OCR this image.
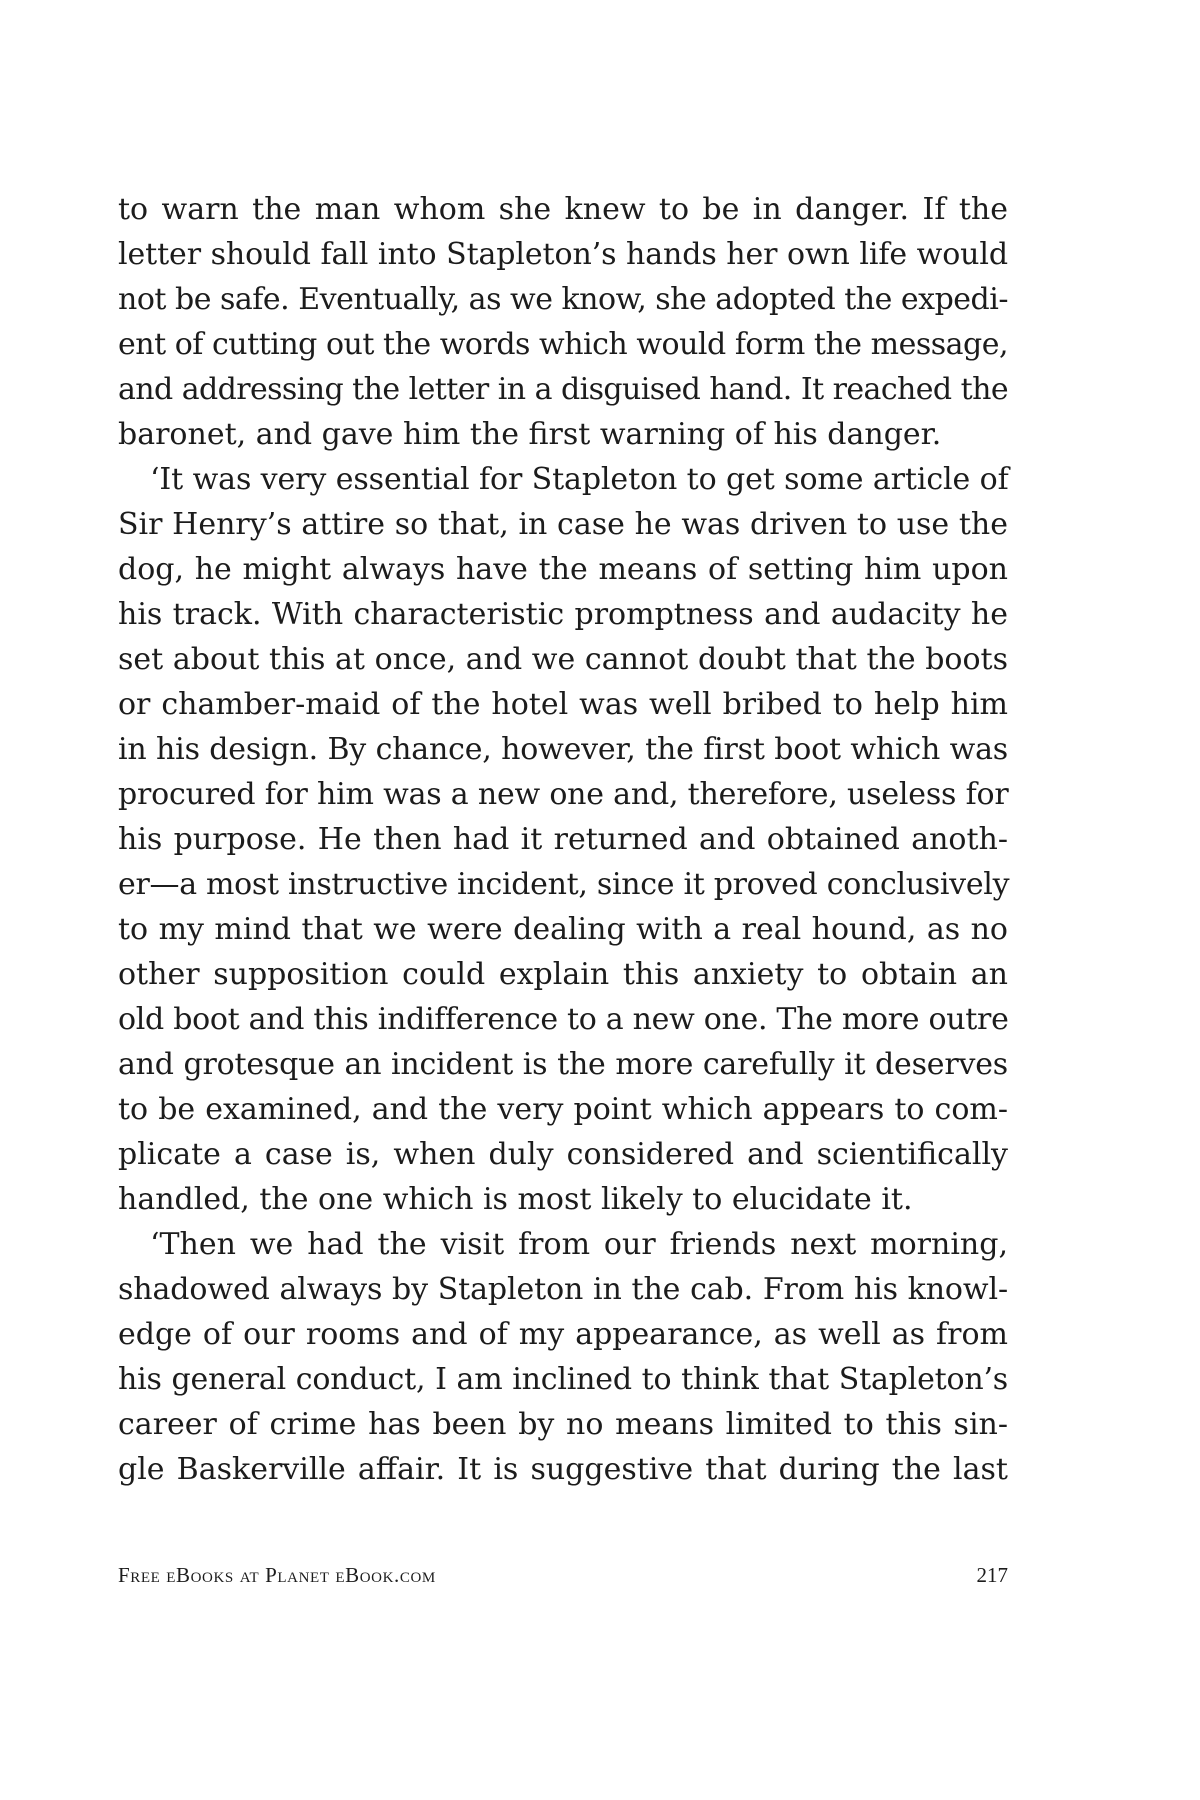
to warn the man whom she knew to be in danger. If the
letter should fall into Stapleton’s hands her own life would
not be safe. Eventually, as we know, she adopted the expedi-
ent of cutting out the words which would form the message,
and addressing the letter in a disguised hand. It reached the
baronet, and gave him the first warning of his danger.
‘It was very essential for Stapleton to get some article of
Sir Henry’s attire so that, in case he was driven to use the
dog, he might always have the means of setting him upon
his track. With characteristic promptness and audacity he
set about this at once, and we cannot doubt that the boots
or chamber-maid of the hotel was well bribed to help him
in his design. By chance, however, the first boot which was
procured for him was a new one and, therefore, useless for
his purpose. He then had it returned and obtained anoth-
er—a most instructive incident, since it proved conclusively
to my mind that we were dealing with a real hound, as no
other supposition could explain this anxiety to obtain an
old boot and this indifference to a new one. The more outre
and grotesque an incident is the more carefully it deserves
to be examined, and the very point which appears to com-
plicate a case is, when duly considered and scientifically
handled, the one which is most likely to elucidate it.
‘Then we had the visit from our friends next morning,
shadowed always by Stapleton in the cab. From his knowl-
edge of our rooms and of my appearance, as well as from
his general conduct, I am inclined to think that Stapleton’s
career of crime has been by no means limited to this sin-
gle Baskerville affair. It is suggestive that during the last
Free eBooks at Planet eBook.com	217
